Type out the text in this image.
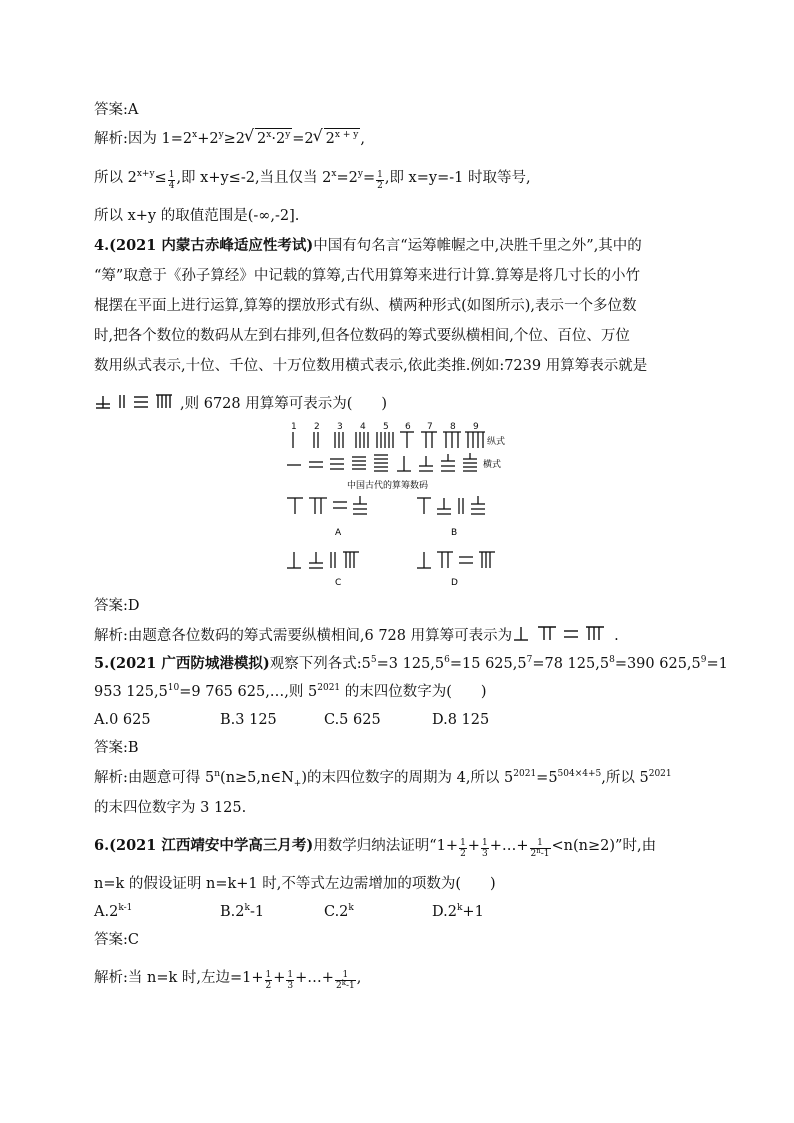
答案:A
解析:因为 $1=2^x+2^y\ge 2√$ $2^x\cdot 2^y =2√$ $2^{x + y}$ ,
所以 $2^{x+y}\le \frac{1}{4}$ ,即 x+y≤-2,当且仅当 $2^x=2^y= \frac{1}{2}$ ,即 x=y=-1 时取等号,
所以 x+y 的取值范围是(-∞,-2].
4.(2021 内蒙古赤峰适应性考试)中国有句名言“运筹帷幄之中,决胜千里之外”,其中的
“筹”取意于《孙子算经》中记载的算筹,古代用算筹来进行计算.算筹是将几寸长的小竹
棍摆在平面上进行运算,算筹的摆放形式有纵、横两种形式(如图所示),表示一个多位数
时,把各个数位的数码从左到右排列,但各位数码的筹式要纵横相间,个位、百位、万位
数用纵式表示,十位、千位、十万位数用横式表示,依此类推.例如:7239 用算筹表示就是
,则 6728 用算筹可表示为(　　)
1 2 3 4 5 6 7 8 9
纵式
横式
中国古代的算筹数码
A	B
C	D
答案:D
解析:由题意各位数码的筹式需要纵横相间,6 728 用算筹可表示为	.
5.(2021 广西防城港模拟)观察下列各式$:5^5=3$ $125,5^6=15$ $625,5^7=78$ $125,5^8=390$ $625,5^9=1$
953 $125,5^{10}=9$ 765 625,…,则 $5^{2021}$ 的末四位数字为(　　)
A.0 625	B.3 125	C.5 625	D.8 125
答案:B
解析:由题意可得 $5^n(n\ge 5,n\in N_+)$的末四位数字的周期为 4,所以 $5^{2021}=5^{504\times 4+5}$,所以 $5^{2021}$
的末四位数字为 3 125.
6.(2021 江西靖安中学高三月考)用数学归纳法证明“$1+ \frac{1}{2} + \frac{1}{3}$ +…+ $\frac{1}{2^n-1} <n(n\ge 2)$”时,由
n=k 的假设证明 n=k+1 时,不等式左边需增加的项数为(　　)
A.2$^{k-1}$	B.2$^k$-1	C.2$^k$	$D.2^k+1$
答案:C
解析:当 n=k 时,左边$=1+ \frac{1}{2} + \frac{1}{3}$ +…+ $\frac{1}{2^k-1}$ ,
